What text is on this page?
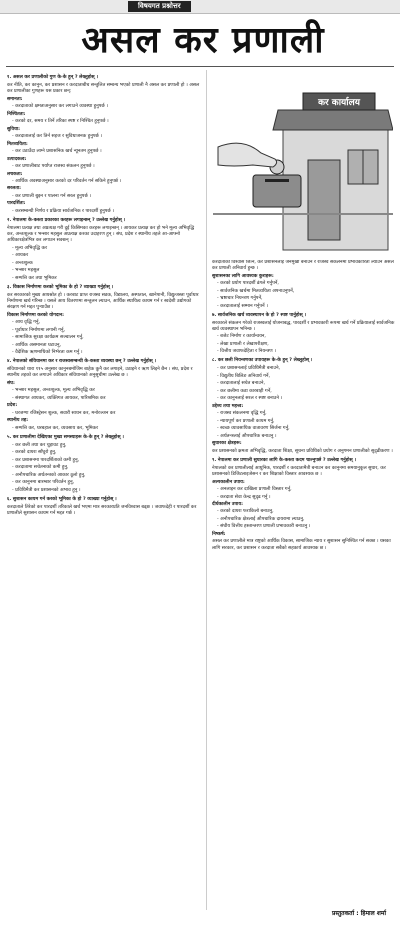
विषयगत प्रश्नोत्तर
असल कर प्रणाली

१. असल कर प्रणालीको गुण के-के हुन् ? लेख्नुहोस् ।

कर नीति, कर कानुन, कर प्रशासन र करदाताबीच सन्तुलित सम्बन्ध भएको प्रणाली नै असल कर प्रणाली हो । असल कर प्रणालीका गुणहरू यस प्रकार छन्:

समानता:

- करदाताको क्षमताअनुसार कर लगाउने व्यवस्था हुनुपर्छ ।

निश्चितता:

- करको दर, समय र तिर्ने तरिका स्पष्ट र निश्चित हुनुपर्छ ।

सुविधा:

- करदातालाई कर तिर्न सहज र सुविधाजनक हुनुपर्छ ।

मितव्ययिता:

- कर उठाउँदा लाग्ने प्रशासनिक खर्च न्यूनतम हुनुपर्छ ।

उत्पादकत्व:

- कर प्रणालीबाट पर्याप्त राजस्व संकलन हुनुपर्छ ।

लचकता:

- आर्थिक अवस्थाअनुसार करको दर परिवर्तन गर्न सकिने हुनुपर्छ ।

सरलता:

- कर प्रणाली बुझ्न र पालना गर्न सरल हुनुपर्छ ।

पारदर्शिता:

- करसम्बन्धी निर्णय र प्रक्रिया सार्वजनिक र पारदर्शी हुनुपर्छ ।

२. नेपालमा के-कस्ता प्रकारका करहरू लगाइन्छन् ? उल्लेख गर्नुहोस् ।

नेपालमा प्रत्यक्ष तथा अप्रत्यक्ष गरी दुई किसिमका करहरू लगाइन्छन् । आयकर प्रत्यक्ष कर हो भने मूल्य अभिवृद्धि कर, अन्तःशुल्क र भन्सार महसुल अप्रत्यक्ष करका उदाहरण हुन् । संघ, प्रदेश र स्थानीय तहले आ-आफ्नो अधिकारक्षेत्रभित्र कर लगाउन सक्छन् ।

- मूल्य अभिवृद्धि कर

- आयकर

- अन्तःशुल्क

- भन्सार महसुल

- सम्पत्ति कर तथा भूमिकर

३. विकास निर्माणमा करको भूमिका के हो ? व्याख्या गर्नुहोस् ।

कर सरकारको मुख्य आयस्रोत हो । करबाट प्राप्त राजस्व सडक, विद्यालय, अस्पताल, खानेपानी, विद्युत्जस्ता पूर्वाधार निर्माणमा खर्च गरिन्छ । यसले आय वितरणमा सन्तुलन ल्याउन, आर्थिक स्थायित्व कायम गर्न र स्वदेशी उद्योगको संरक्षण गर्न मद्दत पुर्‍याउँछ ।

विकास निर्माणमा करको योगदान:

- आय वृद्धि गर्नु,

- पूर्वाधार निर्माणमा लगानी गर्नु,

- सामाजिक सुरक्षा कार्यक्रम सञ्चालन गर्नु,

- आर्थिक असमानता घटाउनु,

- वैदेशिक ऋणमाथिको निर्भरता कम गर्नु ।

४. नेपालको संविधानमा कर र राजस्वसम्बन्धी के-कस्ता व्यवस्था छन् ? उल्लेख गर्नुहोस् ।

संविधानको धारा ११५ अनुसार कानुनबमोजिम बाहेक कुनै कर लगाइने, उठाइने र ऋण लिइने छैन । संघ, प्रदेश र स्थानीय तहको कर लगाउने अधिकार संविधानको अनुसूचीमा उल्लेख छ ।

संघ:

- भन्सार महसुल, अन्तःशुल्क, मूल्य अभिवृद्धि कर

- संस्थागत आयकर, व्यक्तिगत आयकर, पारिश्रमिक कर

प्रदेश:

- घरजग्गा रजिस्ट्रेसन शुल्क, सवारी साधन कर, मनोरञ्जन कर

स्थानीय तह:

- सम्पत्ति कर, घरबहाल कर, व्यवसाय कर, भूमिकर

५. कर प्रणालीमा देखिएका मुख्य समस्याहरू के-के हुन् ? लेख्नुहोस् ।

- कर छली तथा कर चुहावट हुनु,

- करको दायरा साँघुरो हुनु,

- कर प्रशासनमा पारदर्शिताको कमी हुनु,

- करदातामा सचेतनाको कमी हुनु,

- अनौपचारिक अर्थतन्त्रको आकार ठूलो हुनु,

- कर कानुनमा बारम्बार परिवर्तन हुनु,

- प्रविधिमैत्री कर प्रशासनको अभाव हुनु ।

६. सुशासन कायम गर्न करको भूमिका के हो ? व्याख्या गर्नुहोस् ।

करदाताले तिरेको कर पारदर्शी तरिकाले खर्च भएमा मात्र सरकारप्रति जनविश्वास बढ्छ । जवाफदेही र पारदर्शी कर प्रणालीले सुशासन कायम गर्न मद्दत गर्छ ।

कर कार्यालय

करदाताको विश्वास जित्न, कर प्रशासनलाई जनमुखी बनाउन र राजस्व संकलनमा प्रभावकारिता ल्याउन असल कर प्रणाली अनिवार्य हुन्छ ।

सुशासनका लागि आवश्यक कुराहरू:

- करको प्रयोग पारदर्शी ढंगले गर्नुपर्ने,

- सार्वजनिक खर्चमा मितव्ययिता अपनाउनुपर्ने,

- भ्रष्टाचार नियन्त्रण गर्नुपर्ने,

- करदातालाई सम्मान गर्नुपर्ने ।

७. सार्वजनिक खर्च व्यवस्थापन के हो ? स्पष्ट पार्नुहोस् ।

सरकारले संकलन गरेको राजस्वलाई योजनाबद्ध, पारदर्शी र प्रभावकारी रूपमा खर्च गर्ने प्रक्रियालाई सार्वजनिक खर्च व्यवस्थापन भनिन्छ ।

- बजेट निर्माण र कार्यान्वयन,

- लेखा प्रणाली र लेखापरीक्षण,

- वित्तीय जवाफदेहिता र नियन्त्रण ।

८. कर छली नियन्त्रणका उपायहरू के-के हुन् ? लेख्नुहोस् ।

- कर प्रशासनलाई प्रविधिमैत्री बनाउने,

- विद्युतीय बिलिङ अनिवार्य गर्ने,

- करदातालाई सचेत बनाउने,

- कर छलीमा कडा कारबाही गर्ने,

- कर कानुनलाई सरल र स्पष्ट बनाउने ।

उद्देश्य तथा महत्त्व:

- राजस्व संकलनमा वृद्धि गर्नु,

- न्यायपूर्ण कर प्रणाली कायम गर्नु,

- स्वच्छ व्यावसायिक वातावरण सिर्जना गर्नु,

- अर्थतन्त्रलाई औपचारिक बनाउनु ।

सुधारका क्षेत्रहरू:

कर प्रशासनको क्षमता अभिवृद्धि, करदाता शिक्षा, सूचना प्रविधिको प्रयोग र अनुगमन प्रणालीको सुदृढीकरण ।

९. नेपालमा कर प्रणाली सुधारका लागि के-कस्ता कदम चाल्नुपर्छ ? उल्लेख गर्नुहोस् ।

नेपालको कर प्रणालीलाई आधुनिक, पारदर्शी र करदातामैत्री बनाउन कर कानुनमा समयानुकूल सुधार, कर प्रशासनको डिजिटलाइजेसन र कर शिक्षाको विस्तार आवश्यक छ ।

अल्पकालीन उपाय:

- अनलाइन कर दाखिला प्रणाली विस्तार गर्नु,

- करदाता सेवा केन्द्र सुदृढ गर्नु ।

दीर्घकालीन उपाय:

- करको दायरा फराकिलो बनाउनु,

- अनौपचारिक क्षेत्रलाई औपचारिक दायरामा ल्याउनु,

- संघीय वित्तीय हस्तान्तरण प्रणाली प्रभावकारी बनाउनु ।

निष्कर्ष:

असल कर प्रणालीले मात्र राष्ट्रको आर्थिक विकास, सामाजिक न्याय र सुशासन सुनिश्चित गर्न सक्छ । यसका लागि सरकार, कर प्रशासन र करदाता सबैको सहकार्य आवश्यक छ ।

प्रस्तुतकर्ता : हिमाल शर्मा
